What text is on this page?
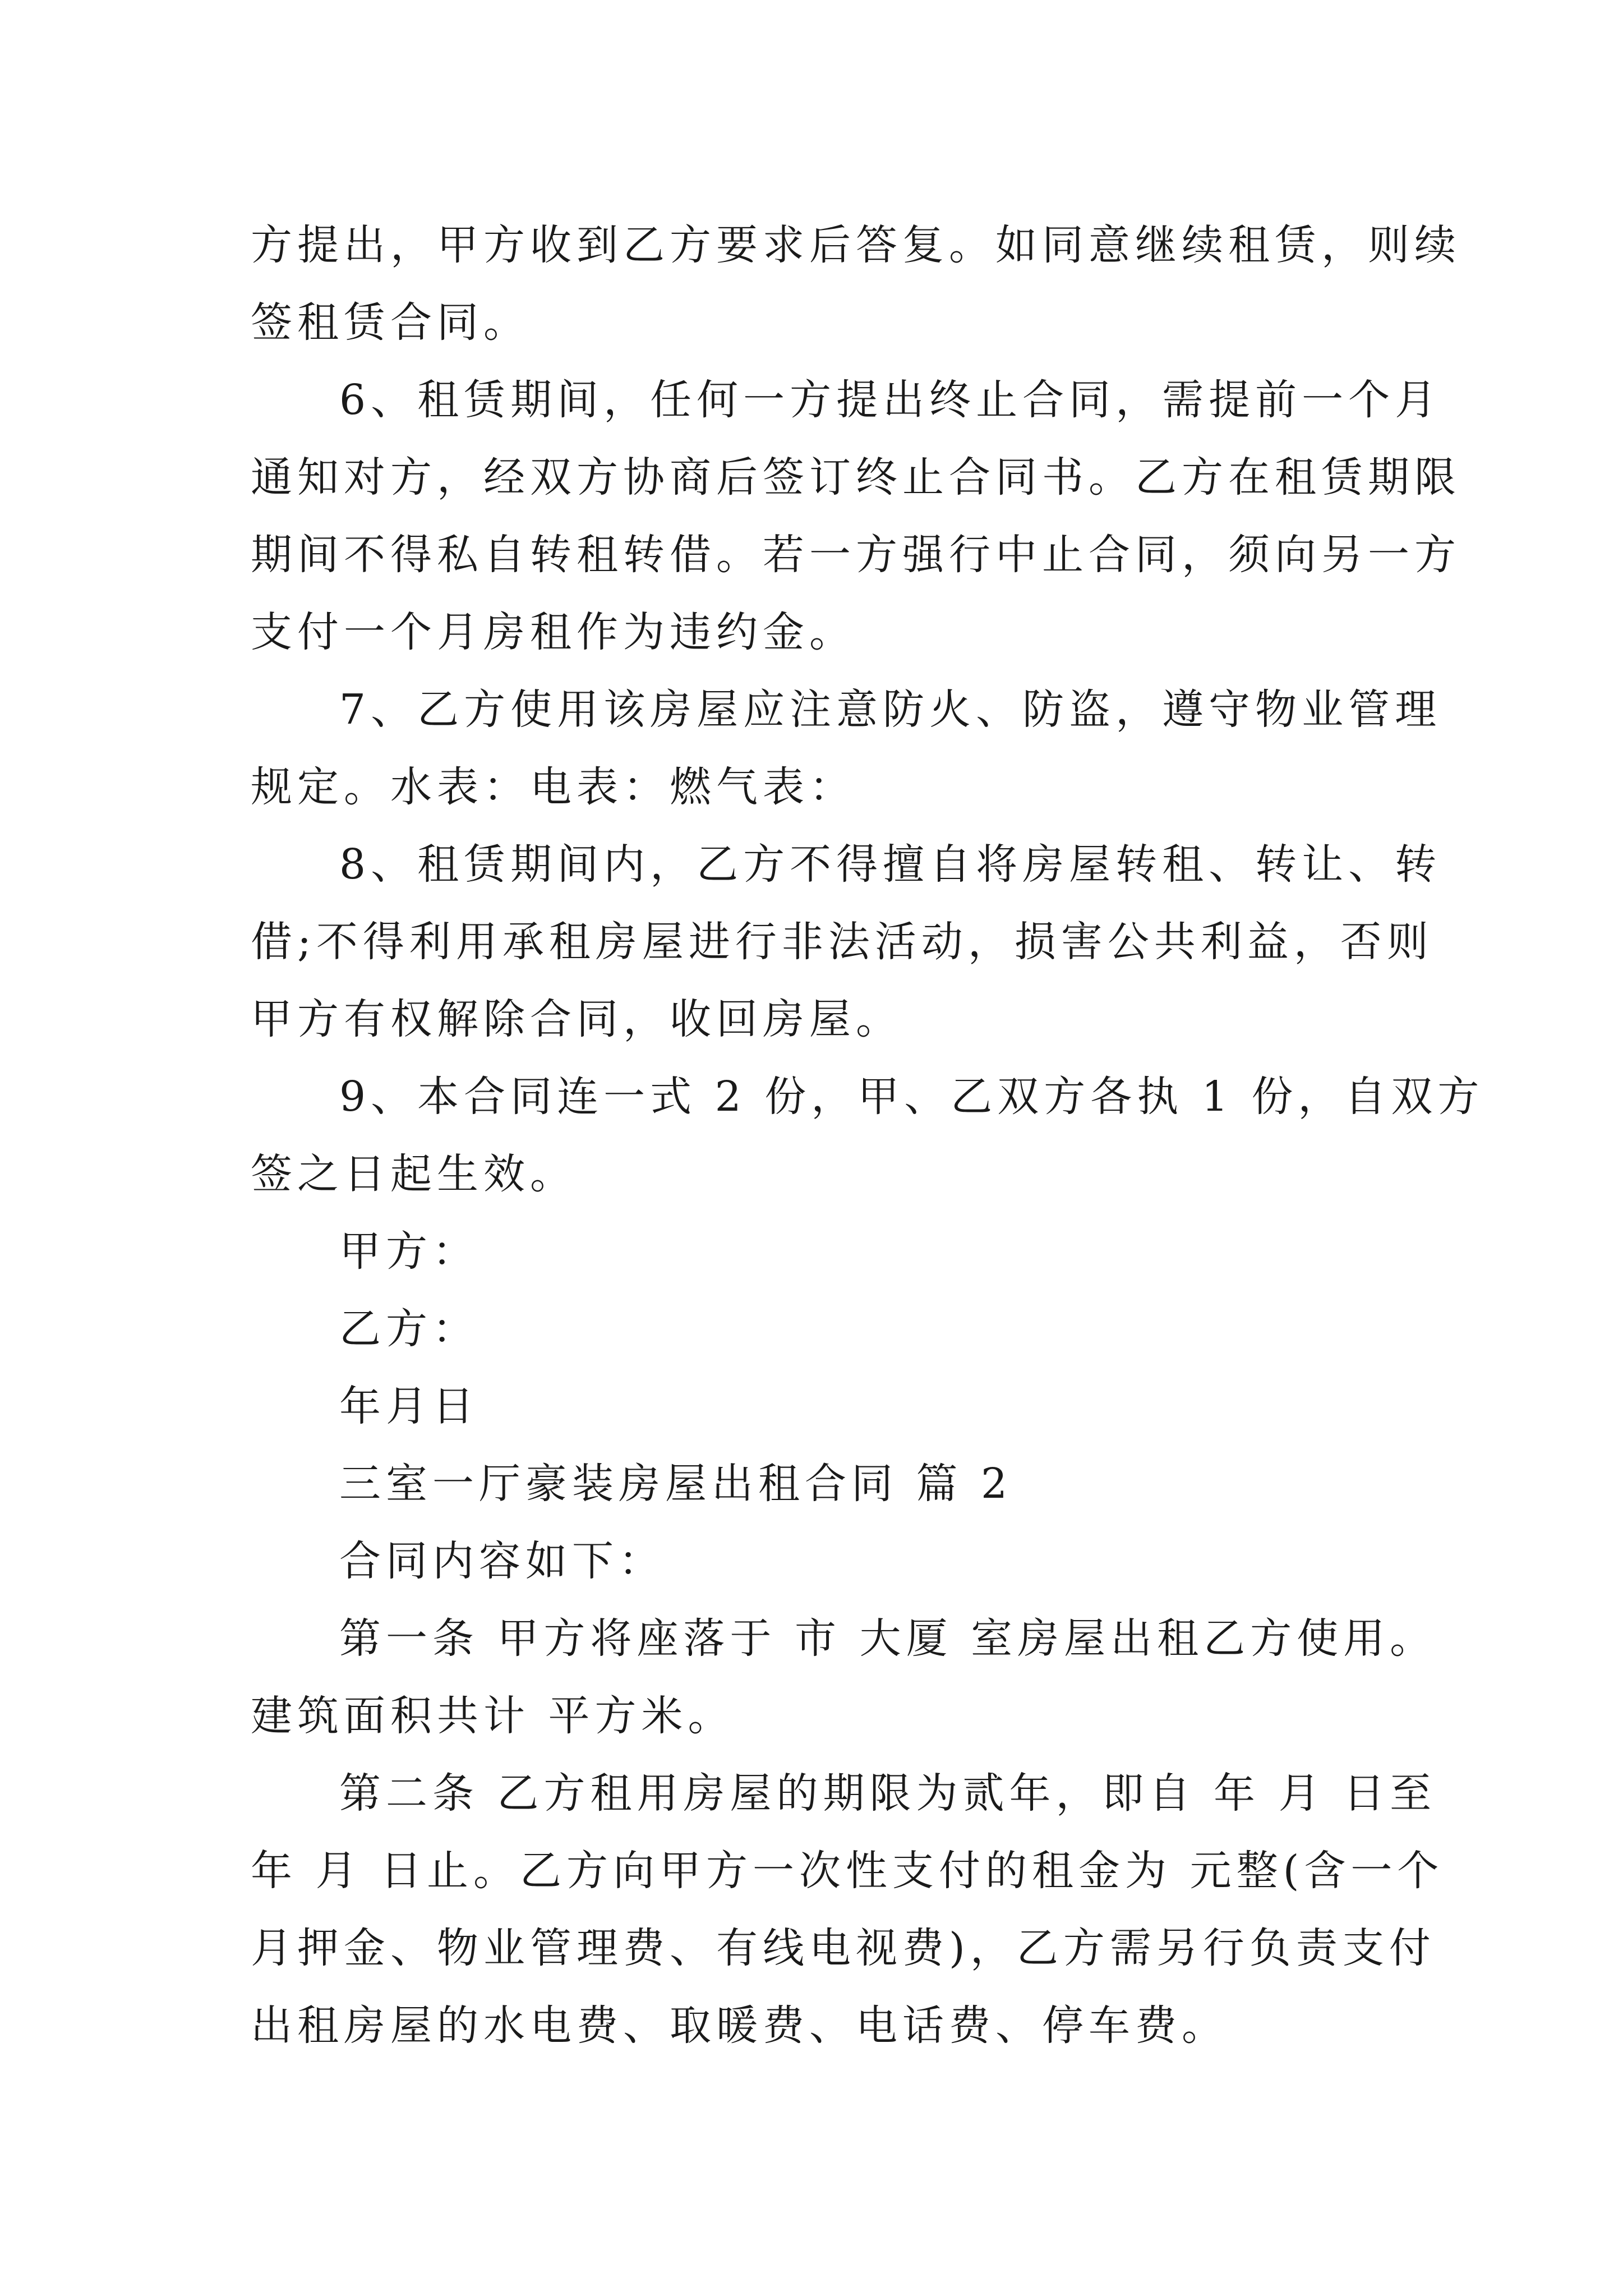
方提出，甲方收到乙方要求后答复。如同意继续租赁，则续
签租赁合同。
6、租赁期间，任何一方提出终止合同，需提前一个月
通知对方，经双方协商后签订终止合同书。乙方在租赁期限
期间不得私自转租转借。若一方强行中止合同，须向另一方
支付一个月房租作为违约金。
7、乙方使用该房屋应注意防火、防盗，遵守物业管理
规定。水表：电表：燃气表：
8、租赁期间内，乙方不得擅自将房屋转租、转让、转
借;不得利用承租房屋进行非法活动，损害公共利益，否则
甲方有权解除合同，收回房屋。
9、本合同连一式 2 份，甲、乙双方各执 1 份，自双方
签之日起生效。
甲方：
乙方：
年月日
三室一厅豪装房屋出租合同 篇 2
合同内容如下：
第一条 甲方将座落于 市 大厦 室房屋出租乙方使用。
建筑面积共计 平方米。
第二条 乙方租用房屋的期限为贰年，即自 年 月 日至
年 月 日止。乙方向甲方一次性支付的租金为 元整(含一个
月押金、物业管理费、有线电视费)，乙方需另行负责支付
出租房屋的水电费、取暖费、电话费、停车费。
